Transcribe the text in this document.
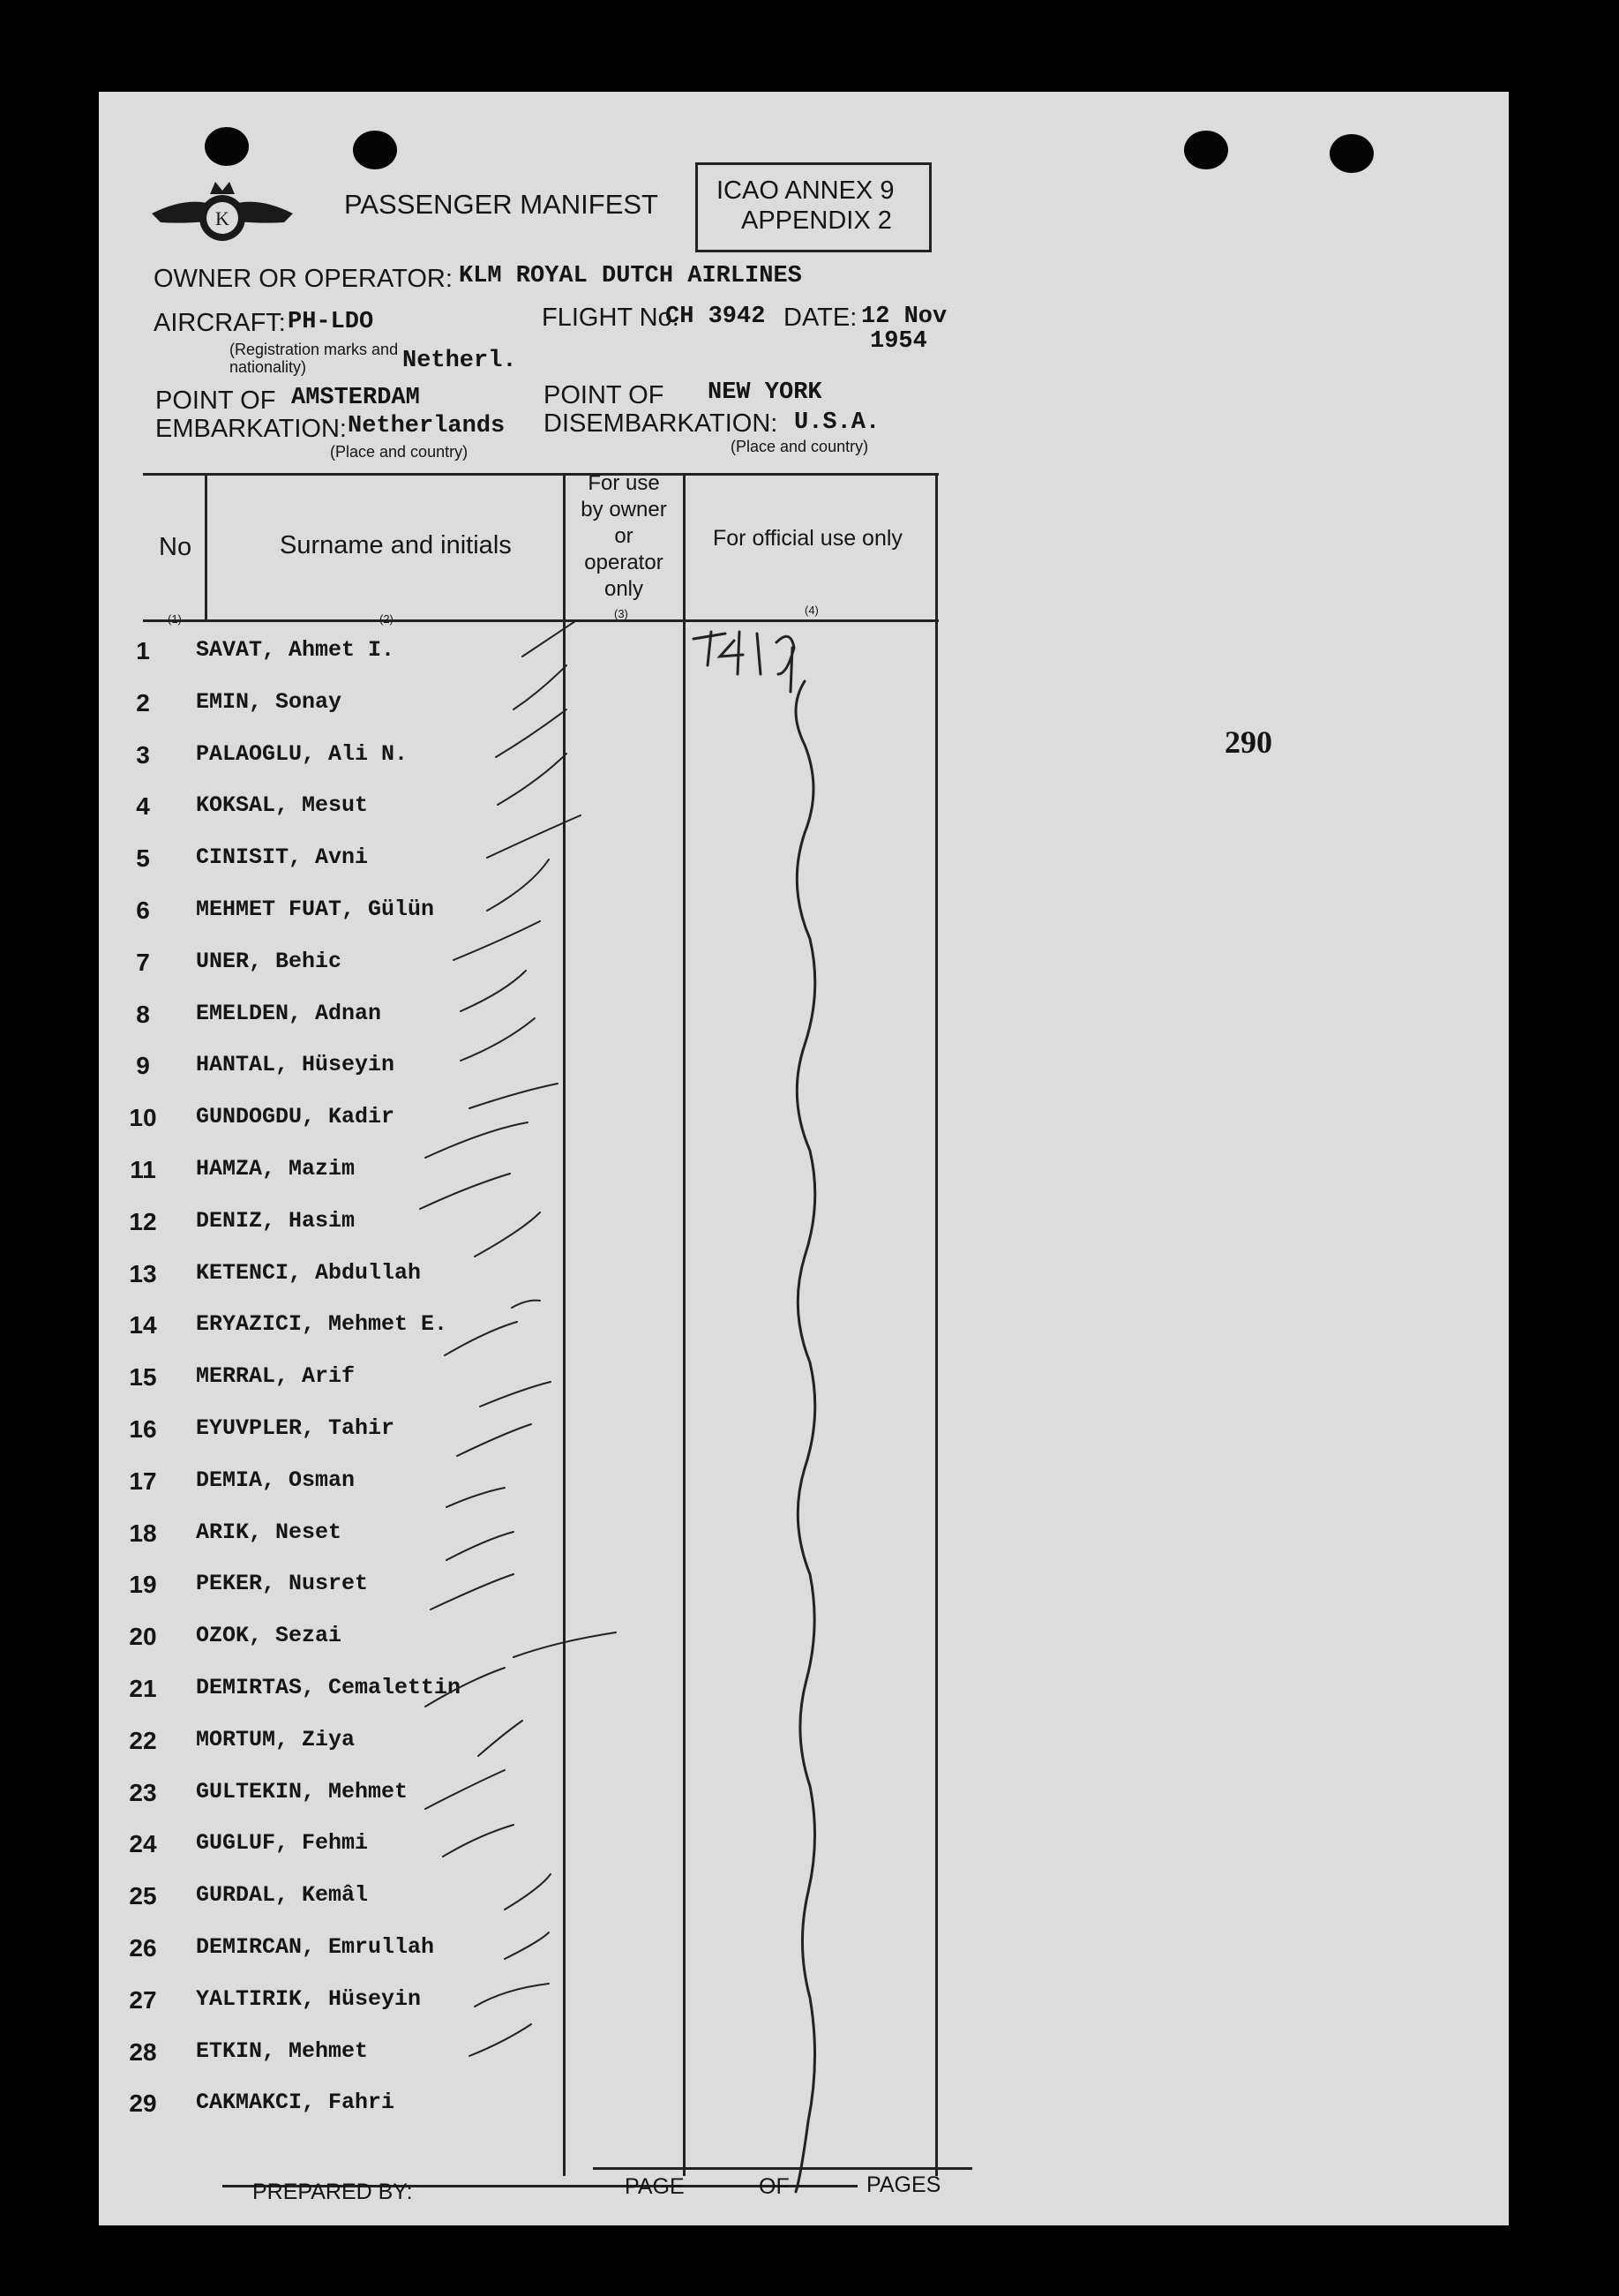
K	PASSENGER MANIFEST ICAO ANNEX 9
APPENDIX 2
OWNER OR OPERATOR: KLM ROYAL DUTCH AIRLINES
AIRCRAFT: PH-LDO
(Registration marks and nationality)	Netherl.
FLIGHT No.
CH 3942 DATE: 12 Nov
1954
POINT OF
EMBARKATION:
AMSTERDAM
Netherlands
(Place and country)
POINT OF
DISEMBARKATION:
NEW YORK
U.S.A.
(Place and country)
290
No
(1)
Surname and initials
(2)
For use
by owner
or
operator
only
(3)
For official use only
(4)
1	SAVAT, Ahmet I.
2	EMIN, Sonay
3	PALAOGLU, Ali N.
4	KOKSAL, Mesut
5	CINISIT, Avni
6	MEHMET FUAT, Gülün
7	UNER, Behic
8	EMELDEN, Adnan
9	HANTAL, Hüseyin
10	GUNDOGDU, Kadir
11	HAMZA, Mazim
12	DENIZ, Hasim
13	KETENCI, Abdullah
14	ERYAZICI, Mehmet E.
15	MERRAL, Arif
16	EYUVPLER, Tahir
17	DEMIA, Osman
18	ARIK, Neset
19	PEKER, Nusret
20	OZOK, Sezai
21	DEMIRTAS, Cemalettin
22	MORTUM, Ziya
23	GULTEKIN, Mehmet
24	GUGLUF, Fehmi
25	GURDAL, Kemâl
26	DEMIRCAN, Emrullah
27	YALTIRIK, Hüseyin
28	ETKIN, Mehmet
29	CAKMAKCI, Fahri
PREPARED BY:	PAGE	OF	PAGES
